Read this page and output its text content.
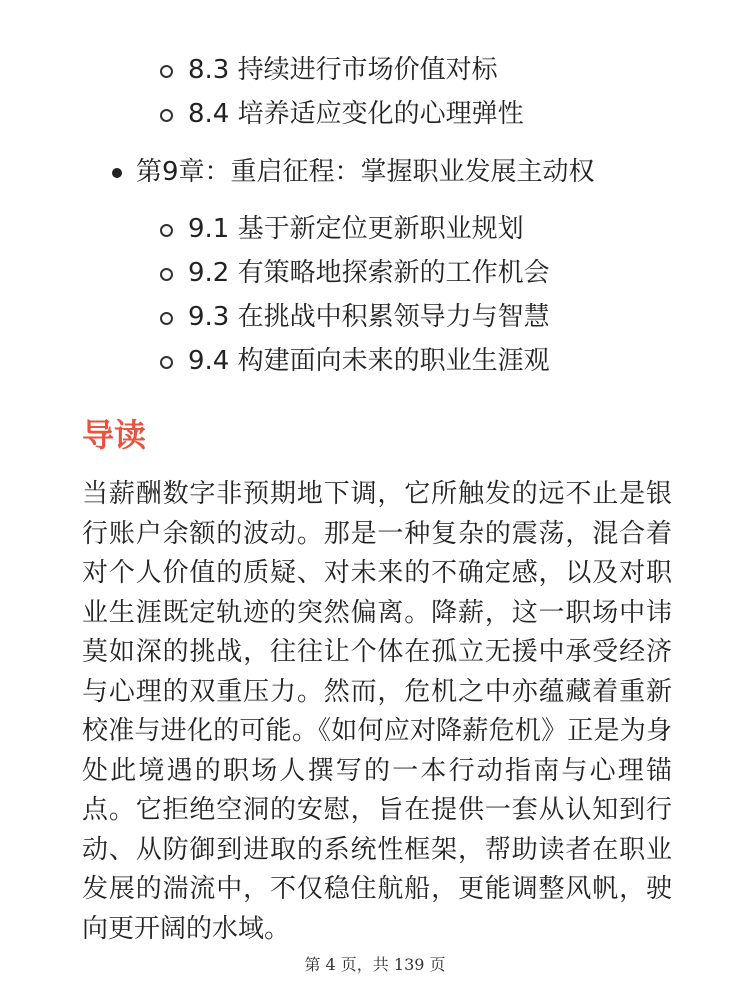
8.3 持续进行市场价值对标
8.4 培养适应变化的心理弹性
第9章：重启征程：掌握职业发展主动权
9.1 基于新定位更新职业规划
9.2 有策略地探索新的工作机会
9.3 在挑战中积累领导力与智慧
9.4 构建面向未来的职业生涯观
导读

当薪酬数字非预期地下调，它所触发的远不止是银行账户余额的波动。那是一种复杂的震荡，混合着对个人价值的质疑、对未来的不确定感，以及对职业生涯既定轨迹的突然偏离。降薪，这一职场中讳莫如深的挑战，往往让个体在孤立无援中承受经济与心理的双重压力。然而，危机之中亦蕴藏着重新校准与进化的可能。《如何应对降薪危机》正是为身处此境遇的职场人撰写的一本行动指南与心理锚点。它拒绝空洞的安慰，旨在提供一套从认知到行动、从防御到进取的系统性框架，帮助读者在职业发展的湍流中，不仅稳住航船，更能调整风帆，驶向更开阔的水域。

第 4 页，共 139 页
